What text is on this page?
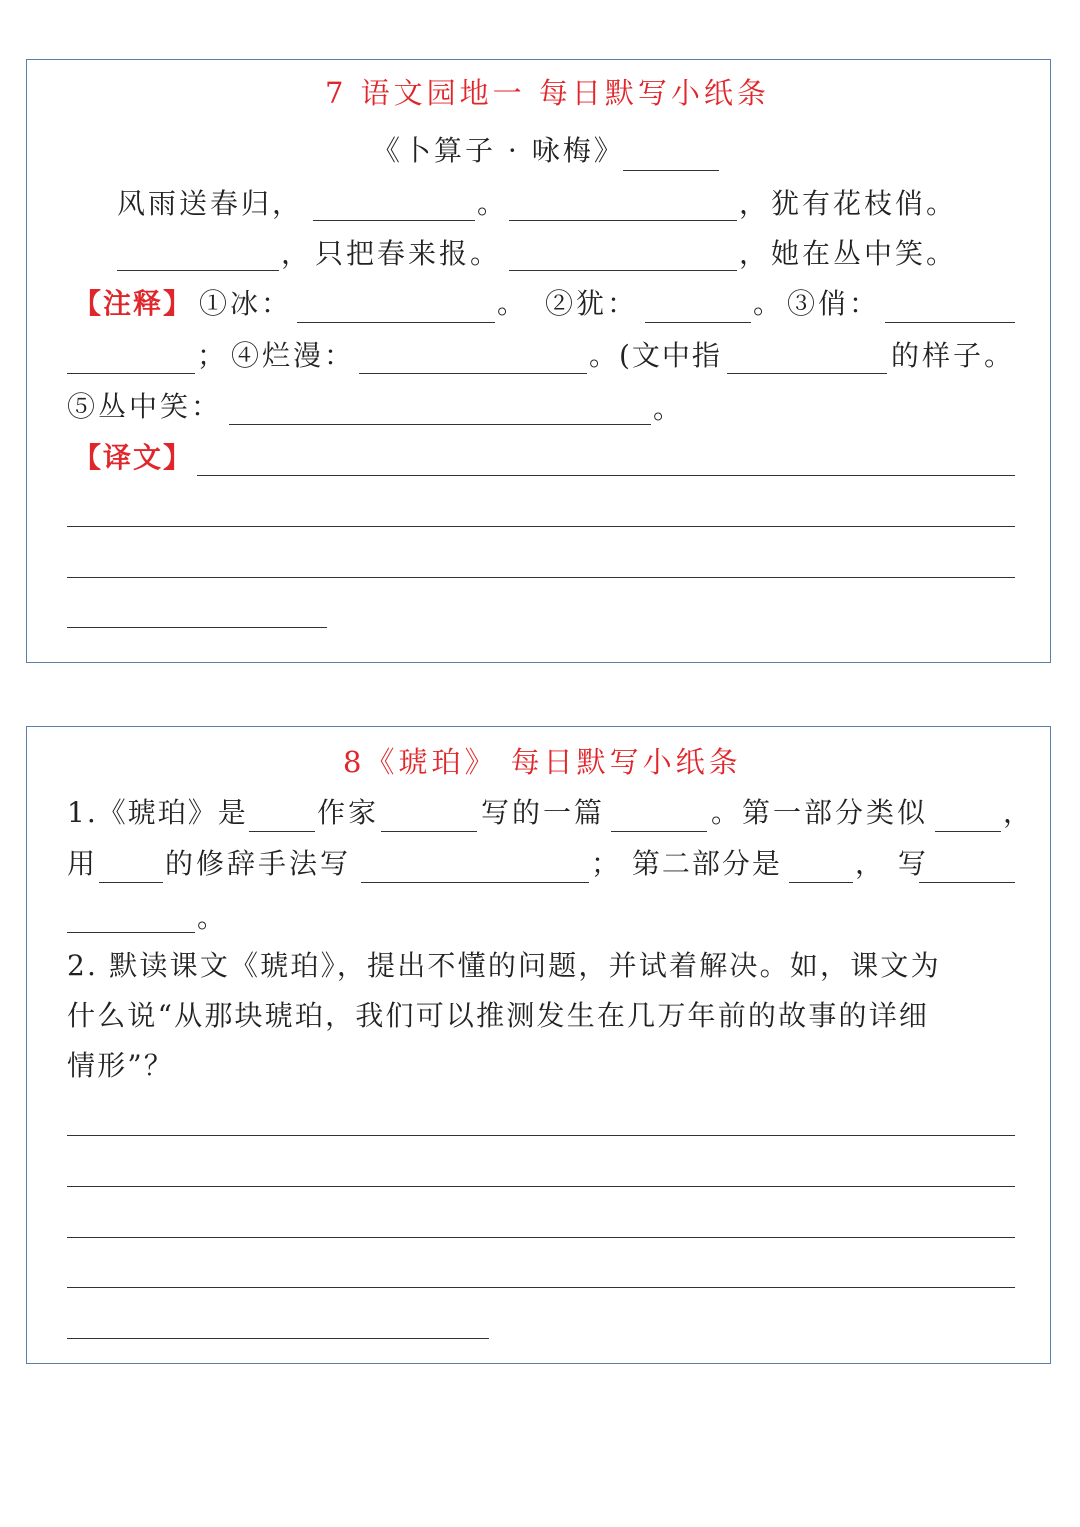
7 语文园地一 每日默写小纸条
《卜算子 · 咏梅》
风雨送春归，	。	， 犹有花枝俏。
， 只把春来报。	， 她在丛中笑。
【注释】 ①冰：	。 ②犹：	。 ③俏：
； ④烂漫：	。(文中指	的样子。
⑤丛中笑：	。
【译文】
8《琥珀》 每日默写小纸条
1.《琥珀》是 作家	写的一篇	。第一部分类似	，
用 的修辞手法写	； 第二部分是	， 写
。
2. 默读课文《琥珀》，提出不懂的问题，并试着解决。如，课文为
什么说“从那块琥珀，我们可以推测发生在几万年前的故事的详细
情形”？
